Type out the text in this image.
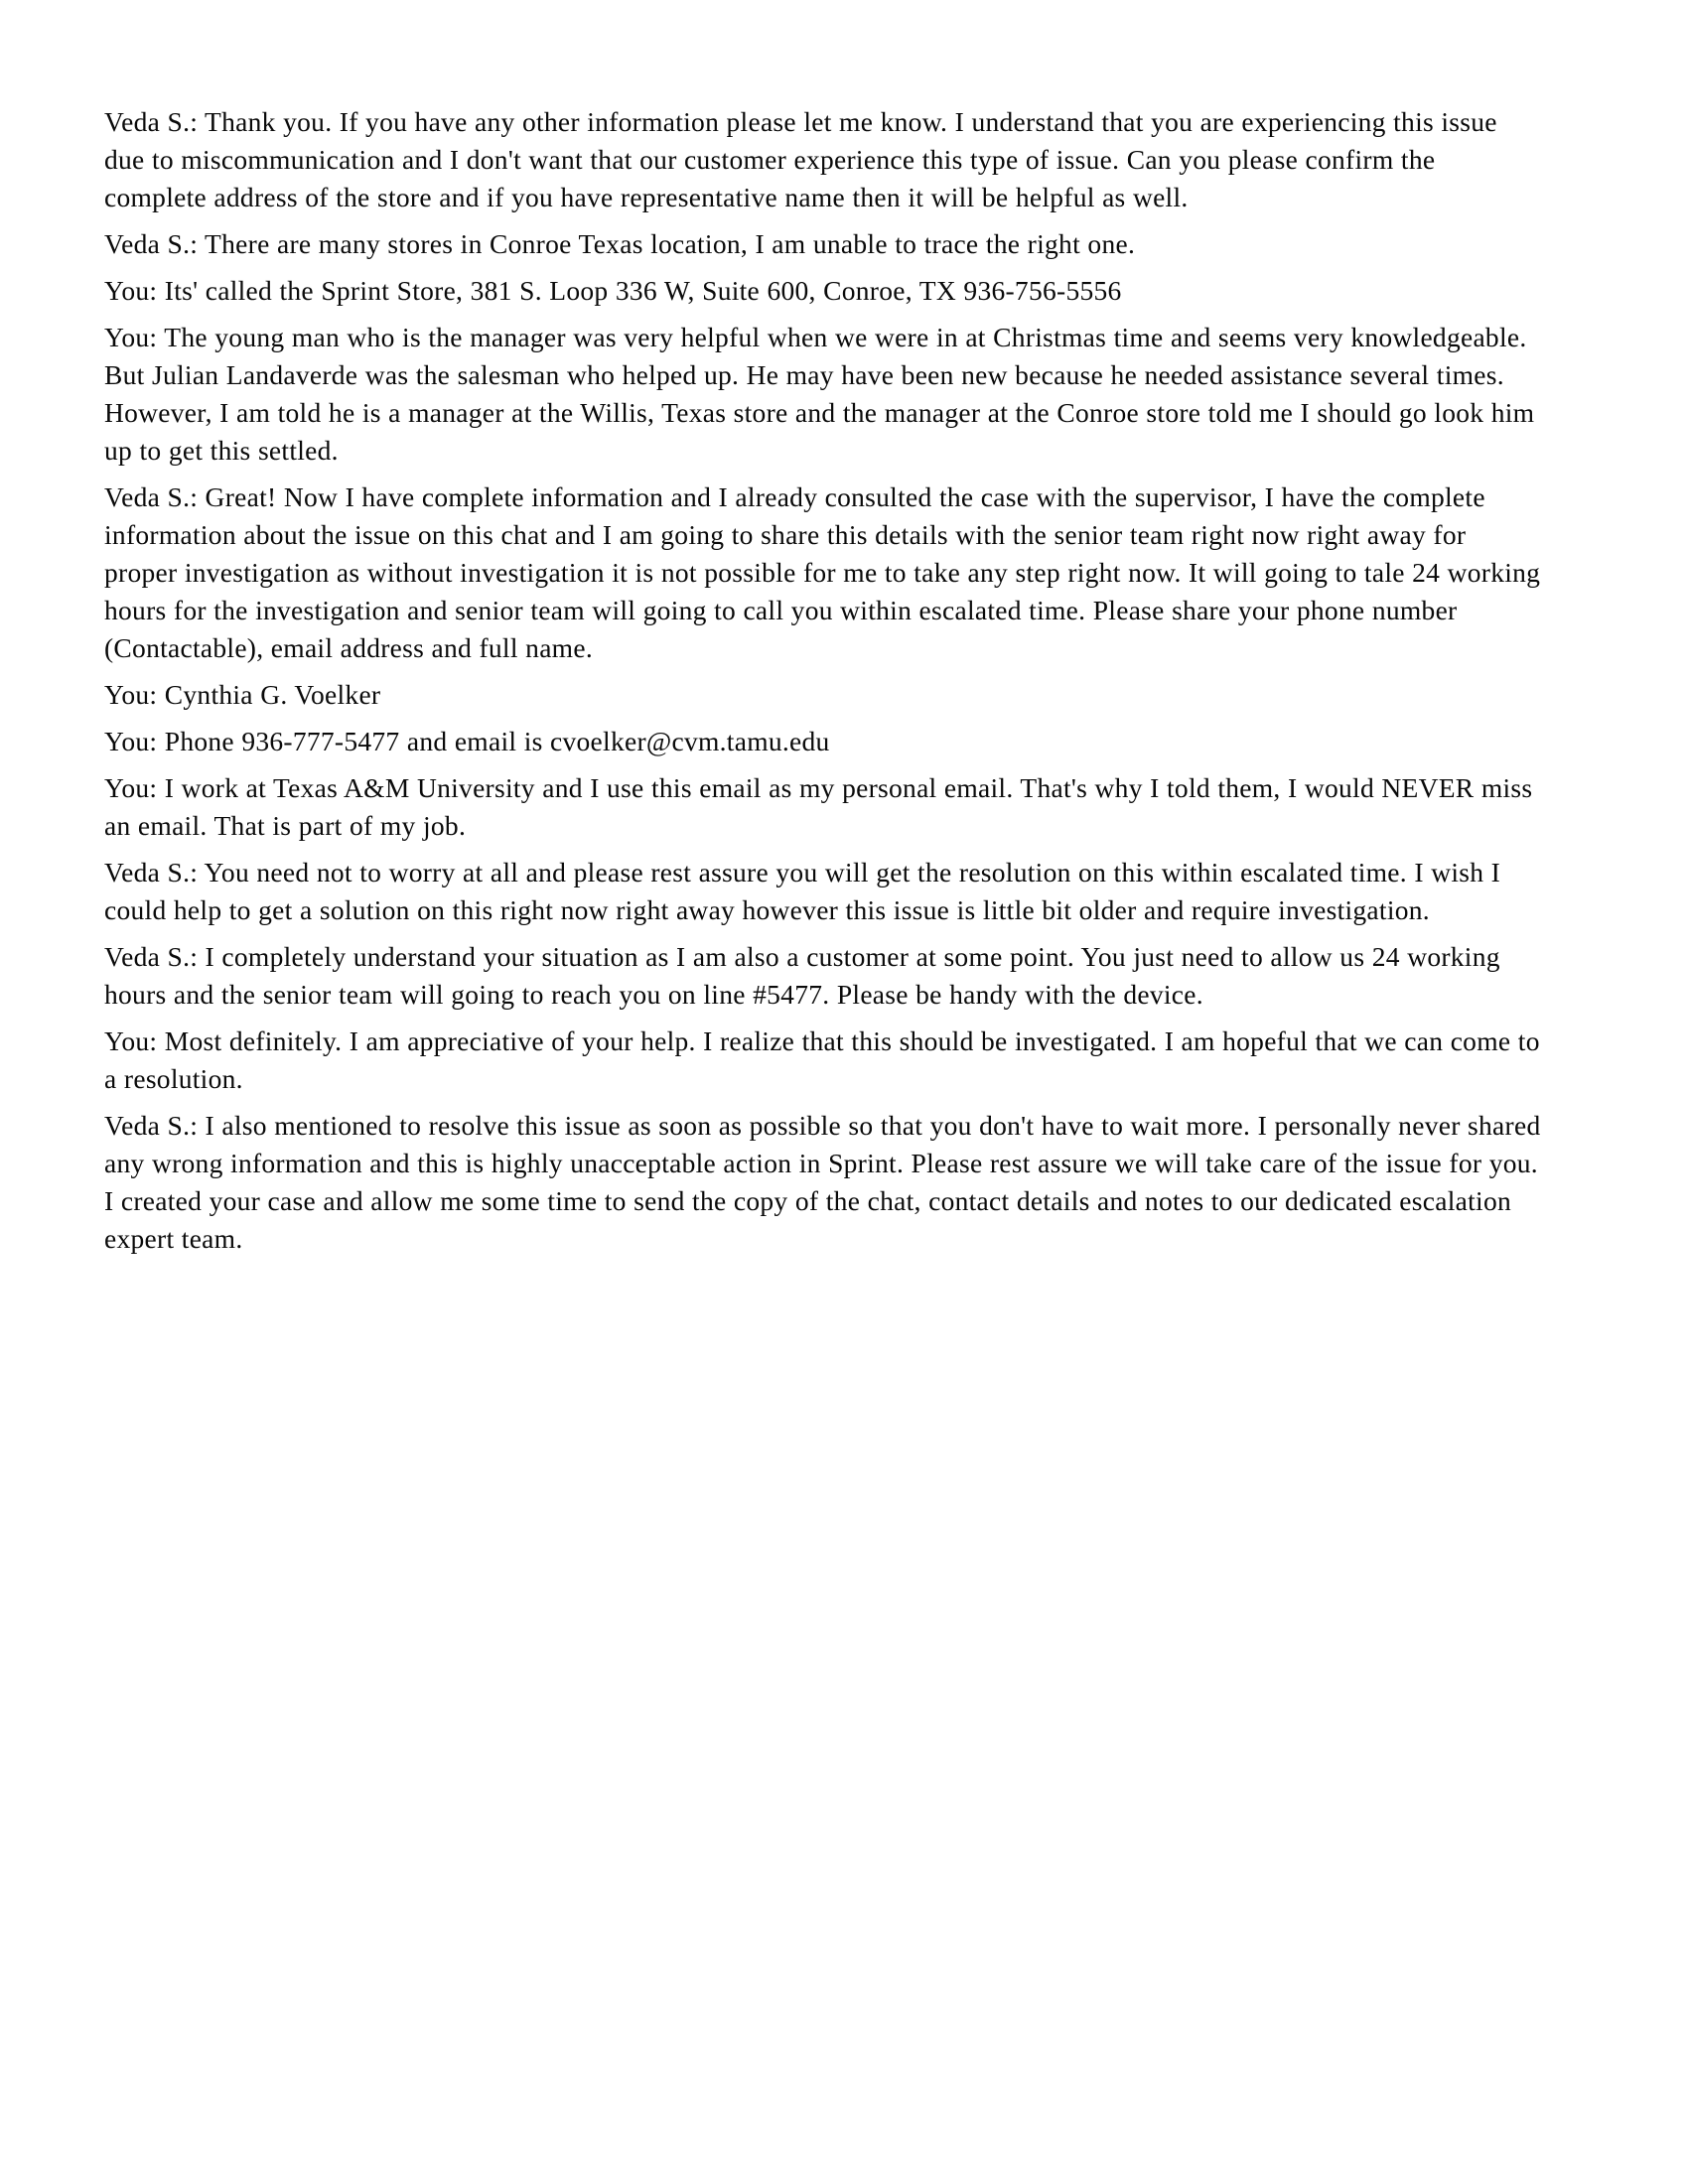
Veda S.: Thank you. If you have any other information please let me know. I understand that you are experiencing this issue due to miscommunication and I don't want that our customer experience this type of issue. Can you please confirm the complete address of the store and if you have representative name then it will be helpful as well.

Veda S.: There are many stores in Conroe Texas location, I am unable to trace the right one.

You: Its' called the Sprint Store, 381 S. Loop 336 W, Suite 600, Conroe, TX 936-756-5556

You: The young man who is the manager was very helpful when we were in at Christmas time and seems very knowledgeable. But Julian Landaverde was the salesman who helped up. He may have been new because he needed assistance several times. However, I am told he is a manager at the Willis, Texas store and the manager at the Conroe store told me I should go look him up to get this settled.

Veda S.: Great! Now I have complete information and I already consulted the case with the supervisor, I have the complete information about the issue on this chat and I am going to share this details with the senior team right now right away for proper investigation as without investigation it is not possible for me to take any step right now. It will going to tale 24 working hours for the investigation and senior team will going to call you within escalated time. Please share your phone number (Contactable), email address and full name.

You: Cynthia G. Voelker

You: Phone 936-777-5477 and email is cvoelker@cvm.tamu.edu

You: I work at Texas A&M University and I use this email as my personal email. That's why I told them, I would NEVER miss an email. That is part of my job.

Veda S.: You need not to worry at all and please rest assure you will get the resolution on this within escalated time. I wish I could help to get a solution on this right now right away however this issue is little bit older and require investigation.

Veda S.: I completely understand your situation as I am also a customer at some point. You just need to allow us 24 working hours and the senior team will going to reach you on line #5477. Please be handy with the device.

You: Most definitely. I am appreciative of your help. I realize that this should be investigated. I am hopeful that we can come to a resolution.

Veda S.: I also mentioned to resolve this issue as soon as possible so that you don't have to wait more. I personally never shared any wrong information and this is highly unacceptable action in Sprint. Please rest assure we will take care of the issue for you. I created your case and allow me some time to send the copy of the chat, contact details and notes to our dedicated escalation expert team.
